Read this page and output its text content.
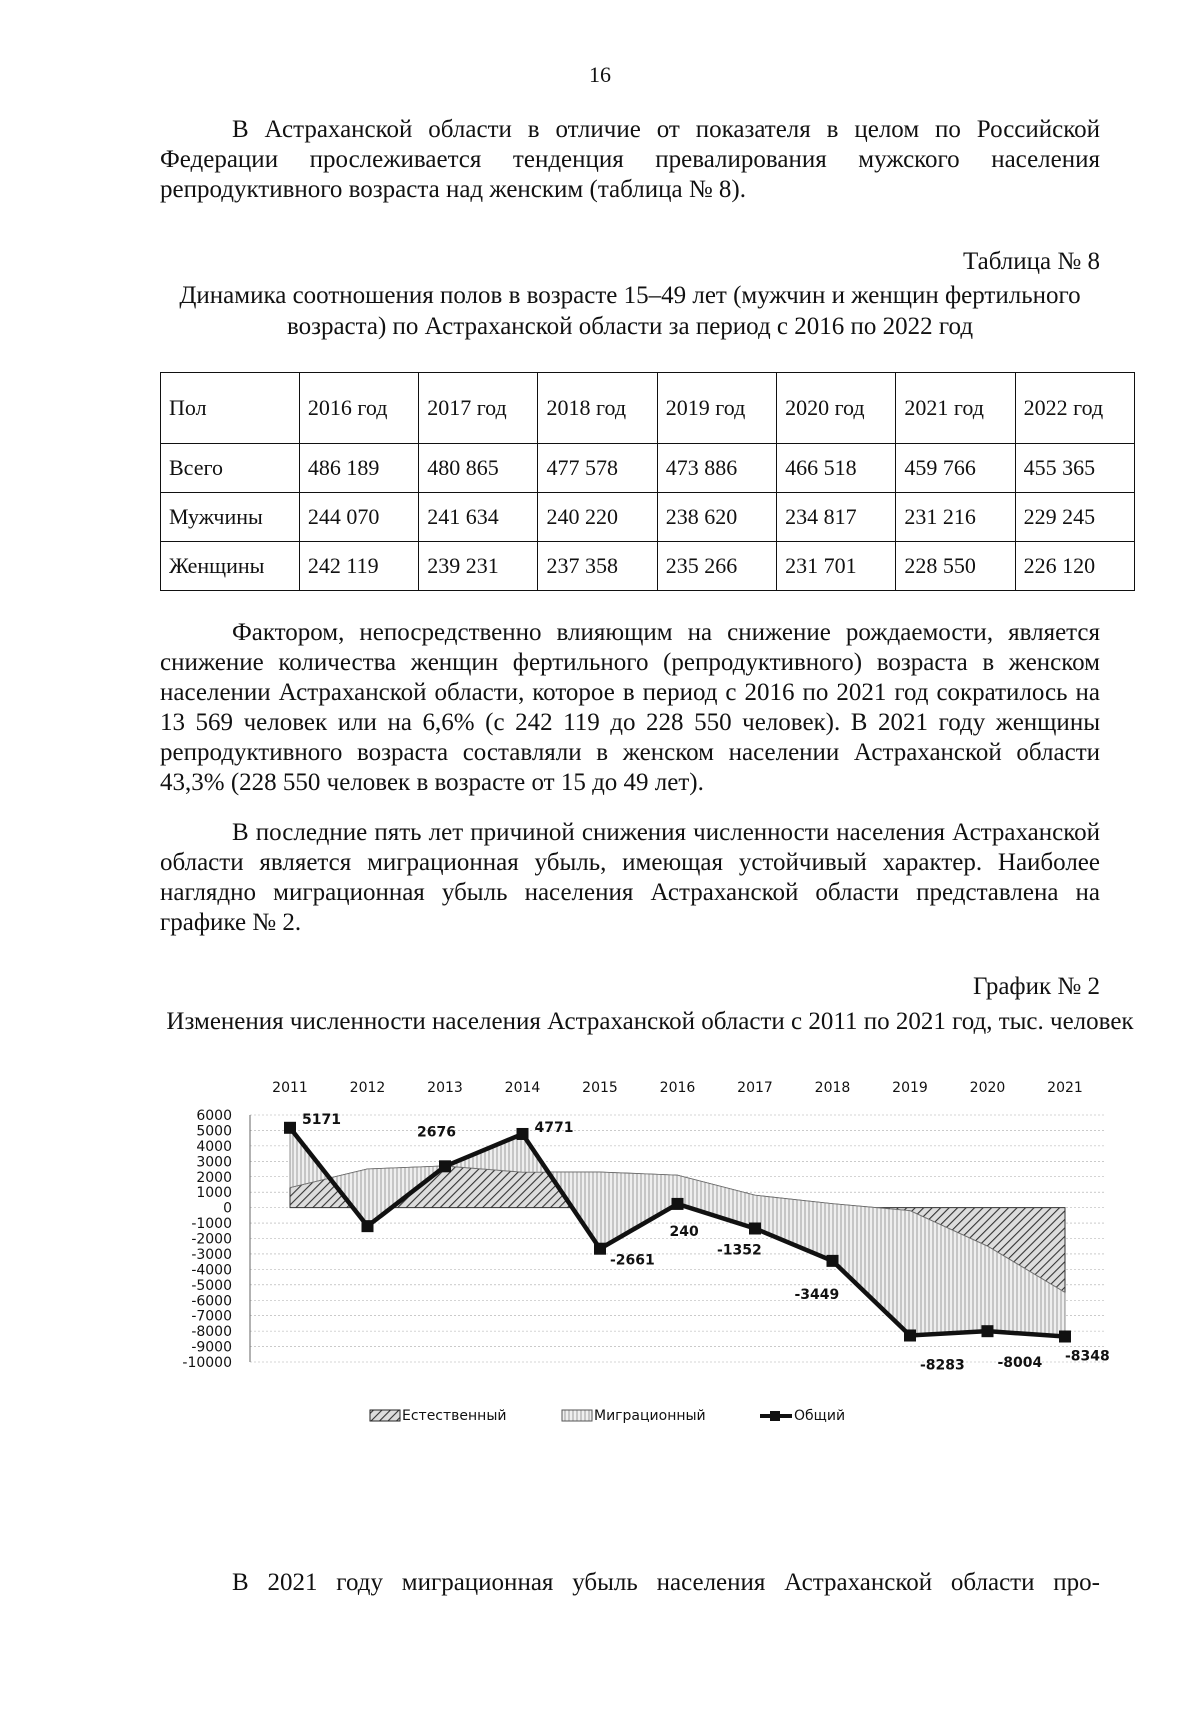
16
В Астраханской области в отличие от показателя в целом по Российской Федерации прослеживается тенденция превалирования мужского населения репродуктивного возраста над женским (таблица № 8).
Таблица № 8
Динамика соотношения полов в возрасте 15–49 лет (мужчин и женщин фертильного возраста) по Астраханской области за период с 2016 по 2022 год
Пол	2016 год	2017 год	2018 год	2019 год	2020 год	2021 год	2022 год
Всего	486 189	480 865	477 578	473 886	466 518	459 766	455 365
Мужчины	244 070	241 634	240 220	238 620	234 817	231 216	229 245
Женщины	242 119	239 231	237 358	235 266	231 701	228 550	226 120
Фактором, непосредственно влияющим на снижение рождаемости, является снижение количества женщин фертильного (репродуктивного) возраста в женском населении Астраханской области, которое в период с 2016 по 2021 год сократилось на 13 569 человек или на 6,6% (с 242 119 до 228 550 человек). В 2021 году женщины репродуктивного возраста составляли в женском населении Астраханской области 43,3% (228 550 человек в возрасте от 15 до 49 лет).
В последние пять лет причиной снижения численности населения Астраханской области является миграционная убыль, имеющая устойчивый характер. Наиболее наглядно миграционная убыль населения Астраханской области представлена на графике № 2.
График № 2
Изменения численности населения Астраханской области с 2011 по 2021 год, тыс. человек
6000
5000
4000
3000
2000
1000
0
-1000
-2000
-3000
-4000
-5000
-6000
-7000
-8000
-9000
-10000
2011	2012	2013	2014	2015	2016	2017	2018	2019	2020	2021
5171
2676	4771
-2661
240
-1352
-3449
-8283 -8004 -8348
Естественный	Миграционный	Общий
В 2021 году миграционная убыль населения Астраханской области про-
